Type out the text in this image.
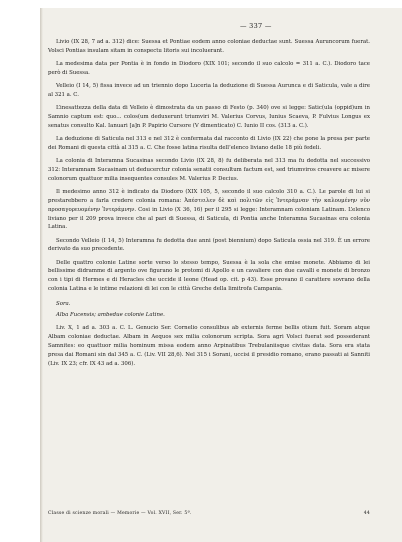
— 337 —

Livio (IX 28, 7 ad a. 312) dice: Suessa et Pontiae eodem anno coloniae deductae sunt. Suessa Auruncorum fuerat. Volsci Pontias insulam sitam in conspectu litoris sui incoluerant.

La medesima data per Pontia è in fondo in Diodoro (XIX 101; secondo il suo calcolo = 311 a. C.). Diodoro tace però di Suessa.

Velleio (I 14, 5) fissa invece ad un triennio dopo Luceria la deduzione di Suessa Aurunca e di Saticula, vale a dire al 321 a. C.

L’inesattezza della data di Velleio è dimostrata da un passo di Festo (p. 340) ove si legge: Satic(ula (oppid)um in Samnio captum est: quo... colos(um deduxerunt triumviri M. Valerius Corvus, Iunius Scaeva, P. Fulvius Longus ex senatus consulto Kal. Ianuari [a]n P. Papirio Cursore (V dimenticato) C. Iunio II cos. (313 a. C.).

La deduzione di Saticula nel 313 e nel 312 è confermata dal racconto di Livio (IX 22) che pone la presa per parte dei Romani di questa città al 315 a. C. Che fosse latina risulta dell’elenco liviano delle 18 più fedeli.

La colonia di Interamna Sucasinas secondo Livio (IX 28, 8) fu deliberata nel 313 ma fu dedotta nel successivo 312: Interamnam Sucasinam ut deducerctur colonia senatii consultum factum est, sed triumviros creavere ac misere colonorum quattuor milia insequentes consules M. Valerius P. Decius.

Il medesimo anno 312 è indicato da Diodoro (XIX 105, 5, secondo il suo calcolo 310 a. C.). Le parole di lui si prestarebbero a farla credere colonia romana: Ἀπέστειλεν δὲ καὶ πολιτῶν εἰς Ἰντεράμναν τὴν καλουμένην νῦν προσαγορευομένην Ἰντεράμνην. Cosi in Livio (X 36, 16) per il 295 si legge: Interamnam coloniam Latinam. L’elenco liviano per il 209 prova invece che al pari di Suessa, di Saticula, di Pontia anche Interamna Sucasinas era colonia Latina.

Secondo Velleio (I 14, 5) Interamna fu dedotta due anni (post biennium) dopo Saticula ossia nel 319. È un errore derivato da suo precedente.

Delle quattro colonie Latine sorte verso lo stesso tempo, Suessa è la sola che emise monete. Abbiamo di lei bellissime didramme di argento ove figurano le protomi di Apollo e un cavaliere con due cavalli e monete di bronzo con i tipi di Hermes e di Heracles che uccide il leone (Head op. cit. p 43). Esse provano il carattere sovrano della colonia Latina e le intime relazioni di lei con le città Greche della limitrofa Campania.

Sora.

Alba Fucensis; ambedue colonie Latine.

Liv. X, 1 ad a. 303 a. C. L. Genucio Ser. Cornelio consulibus ab externis ferme bellis otium fuit. Soram atque Albam coloniae deductae. Albam in Aequos sex milia colonorum scripta. Sora agri Volsci fuerat sed possederant Samnites: eo quattuor milia hominum missa eodem anno Arpinatibus Trebulaniisque civitas data. Sora era stata presa dai Romani sin dal 345 a. C. (Liv. VII 28,6). Nel 315 i Sorani, uccisi il presidio romano, erano passati ai Sanniti (Liv. IX 23; cfr. IX 43 ad a. 306).

Classe di scienze morali — Memorie — Vol. XVII, Ser. 5ª.	44
